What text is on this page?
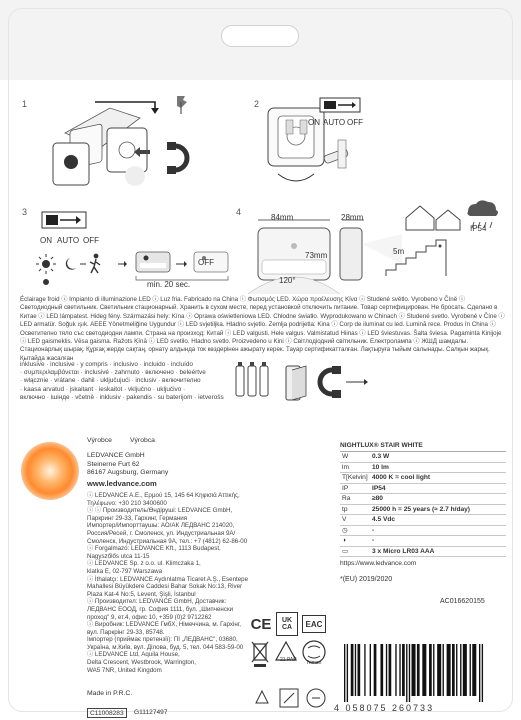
1	2
ON AUTO OFF
3
ON AUTO OFF
min. 20 sec.
OFF
4
84mm
73mm
120°
28mm
IP54
5m
Éclairage froid ⓘ Impianto di illuminazione LED ⓘ Luz fria. Fabricado na China ⓘ Φωτισμός LED. Χώρα προέλευσης Κίνα ⓘ Studené světlo. Vyrobeno v Číně ⓘ Светодиодный светильник. Светильник стационарный. Хранить в сухом месте, перед установкой отключить питание. Товар сертифицирован. Не бросать. Сделано в Китае ⓘ LED lámpatest. Hideg fény. Származási hely: Kína ⓘ Oprawa oświetleniowa LED. Chłodne światło. Wyprodukowano w Chinach ⓘ Studené svetlo. Vyrobené v Číne ⓘ LED armatür. Soğuk ışık. AEEE Yönetmeliğine Uygundur ⓘ LED svjetiljka. Hladno svjetlo. Zemlja podrijetla: Kina ⓘ Corp de iluminat cu led. Lumină rece. Produs în China ⓘ Осветително тяло със светодиодни лампи. Страна на произход: Китай ⓘ LED valgusti. Hele valgus. Valmistatud Hiinas ⓘ LED šviestuvas. Šalta šviesa. Pagaminta Kinijoje ⓘ LED gaismeklis. Vēsa gaisma. Ražots Ķīnā ⓘ LED svetilo. Hladno svetlo. Proizvedeno u Kini ⓘ Світлодіодний світильник. Електролампа ⓘ ЖШД шамдалы. Стационарлық шырақ. Құрғақ жерде сақтаң, орнату алдында ток көздерінен ажырату керек. Тауар сертификатталған. Лақтыруға тыйым салынады. Салқын жарық. Қытайда жасалған
inklusive · inclusive · y compris · inclusivo · incluido · incluído
· συμπεριλαμβάνεται · inclusivé · zahrnuto · включено · beleértve
· włącznie · vrátane · dahil · uključujući · inclusiv · включително
· kaasa arvatud · įskaitant · ieskaitot · vključno · uključivo ·
включно · ішінде · včetně · inklusiv · pakendis · su baterijom · ietverošs
Výrobce	Výrobca
LEDVANCE GmbH
Steinerne Furt 62
86167 Augsburg, Germany
www.ledvance.com
ⓘ LEDVANCE A.E., Ερμού 15, 145 64 Κηφισιά Αττικής,
Τηλέφωνο: +30 210 3400600
ⓘ ⓘ Производитель/Өндіруші: LEDVANCE GmbH,
Паркринг 29-33, Гархинг, Германия
Импортер/Импорттаушы: АО/АК ЛЕДВАНС 214020,
Россия/Ресей, г. Смоленск, ул. Индустриальная 9А/
Смоленск, Индустриальная 9А, тел.: +7 (4812) 62-86-00
ⓘ Forgalmazó: LEDVANCE Kft., 1113 Budapest,
Nagyszőlős utca 11-15
ⓘ LEDVANCE Sp. z o.o. ul. Klimczaka 1,
klatka E, 02-797 Warszawa
ⓘ İthalatçı: LEDVANCE Aydınlatma Ticaret A.Ş., Esentepe
Mahallesi Büyükdere Caddesi Bahar Sokak No:13, River
Plaza Kat-4 No:5, Levent, Şişli, İstanbul
ⓘ Производител: LEDVANCE GmbH, Доставчик:
ЛЕДВАНС ЕООД, гр. София 1111, бул. „Шипченски
проход" 9, ет.4, офис 10, +359 (0)2 9712262
ⓘ Виробник: LEDVANCE ГмбХ, Німеччина, м. Гархінг,
вул. Паркрінг 29-33, 85748.
Імпортер (приймає претензії): ПІ „ЛЕДВАНС", 03680,
Україна, м.Київ, вул. Ділова, буд. 5, тел. 044 583-59-00
ⓘ LEDVANCE Ltd, Aquila House,
Delta Crescent, Westbrook, Warrington,
WA5 7NR, United Kingdom
Made in P.R.C.
C11008283	G11127497
NIGHTLUX® STAIR WHITE
W	0.3 W
lm	10 lm
T[Kelvin] 4000 K = cool light
IP	IP54
Ra	≥80
tp	25000 h = 25 years (≈ 2.7 h/day)
V	4.5 Vdc
◷	-
◑	-
▭	3 x Micro LR03 AAA
https://www.ledvance.com
*(EU) 2019/2020
AC016620155
CE	UK CA	EAC
21 PAP Triman
4 058075 260733
